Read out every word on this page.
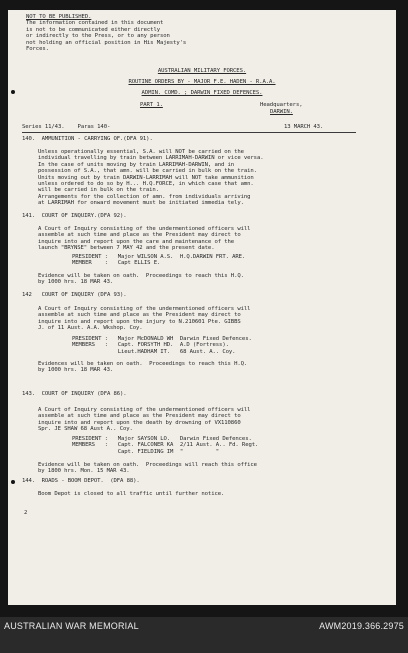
NOT TO BE PUBLISHED.
The information contained in this document
is not to be communicated either directly
or indirectly to the Press, or to any person
not holding an official position in His Majesty's
Forces.
AUSTRALIAN MILITARY FORCES.
ROUTINE ORDERS BY - MAJOR F.E. HADEN - R.A.A.
ADMIN. COMD. ; DARWIN FIXED DEFENCES.
PART 1.	Headquarters,
DARWIN.
Series 11/43.    Paras 140-	13 MARCH 43.
140.  AMMUNITION - CARRYING OF.(DFA 91).
Unless operationally essential, S.A. will NOT be carried on the
individual travelling by train between LARRIMAH-DARWIN or vice versa.
In the case of units moving by train LARRIMAH-DARWIN, and in
possession of S.A., that amn. will be carried in bulk on the train.
Units moving out by train DARWIN-LARRIMAH will NOT take ammunition
unless ordered to do so by H... H.Q.FORCE, in which case that amn.
will be carried in bulk on the train.
Arrangements for the collection of amn. from individuals arriving
at LARRIMAH for onward movement must be initiated immedia tely.
141.  COURT OF INQUIRY.(DFA 92).
A Court of Inquiry consisting of the undermentioned officers will
assemble at such time and place as the President may direct to
inquire into and report upon the care and maintenance of the
launch "BRYNSE" between 7 MAY 42 and the present date.
PRESIDENT :   Major WILSON A.S.  H.Q.DARWIN FRT. ARE.
MEMBER    :   Capt ELLIS E.
Evidence will be taken on oath.  Proceedings to reach this H.Q.
by 1000 hrs. 18 MAR 43.
142   COURT OF INQUIRY (DFA 93).
A Court of Inquiry consisting of the undermentioned officers will
assemble at such time and place as the President may direct to
inquire into and report upon the injury to N.210601 Pte. GIBBS
J. of 11 Aust. A.A. Wkshop. Coy.
PRESIDENT :   Major McDONALD WH  Darwin Fixed Defences.
MEMBERS   :   Capt. FORSYTH HD.  A.D (Fortress).
Lieut.HADHAM IT.   68 Aust. A.. Coy.
Evidences will be taken on oath.  Proceedings to reach this H.Q.
by 1000 hrs. 18 MAR 43.
143.  COURT OF INQUIRY (DFA 86).
A Court of Inquiry consisting of the undermentioned officers will
assemble at such time and place as the President may direct to
inquire into and report upon the death by drowning of VX110860
Spr. JE SHAW 68 Aust A.. Coy.
PRESIDENT :   Major SAYSON LO.   Darwin Fixed Defences.
MEMBERS   :   Capt. FALCONER KA  2/11 Aust. A.. Fd. Regt.
Capt. FIELDING IM  "          "
Evidence will be taken on oath.  Proceedings will reach this office
by 1800 hrs. Mon. 15 MAR 43.
144.  ROADS - BOOM DEPOT.  (DFA 88).
Boom Depot is closed to all traffic until further notice.
2
AUSTRALIAN WAR MEMORIAL	AWM2019.366.2975
